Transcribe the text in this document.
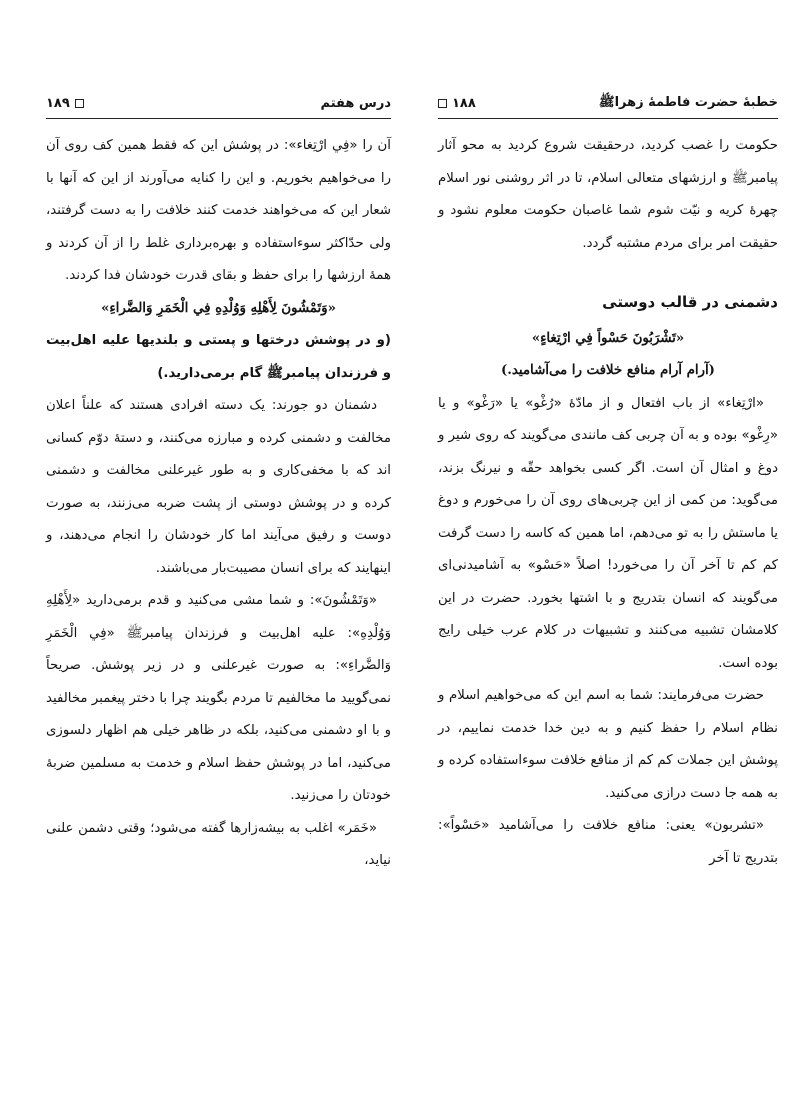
خطبۀ حضرت فاطمۀ زهراﷺ
۱۸۸

حکومت را غصب کردید، درحقیقت شروع کردید به محو آثار پیامبرﷺ و ارزشهای متعالی اسلام، تا در اثر روشنی نور اسلام چهرۀ کریه و نیّت شوم شما غاصبان حکومت معلوم نشود و حقیقت امر برای مردم مشتبه گردد.

دشمنی در قالب دوستی

«تَشْرَبُونَ حَسْواً فِي ارْتِغاءٍ»

(آرام آرام منافع خلافت را می‌آشامید.)

«ارْتِغاء» از باب افتعال و از مادّۀ «رُغْو» یا «رَغْو» و یا «رِغْو» بوده و به آن چربی کف مانندی می‌گویند که روی شیر و دوغ و امثال آن است. اگر کسی بخواهد حقّه و نیرنگ بزند، می‌گوید: من کمی از این چربی‌های روی آن را می‌خورم و دوغ یا ماستش را به تو می‌دهم، اما همین که کاسه را دست گرفت کم کم تا آخر آن را می‌خورد! اصلاً «حَسْو» به آشامیدنی‌ای می‌گویند که انسان بتدریج و با اشتها بخورد. حضرت در این کلامشان تشبیه می‌کنند و تشبیهات در کلام عرب خیلی رایج بوده است.

حضرت می‌فرمایند: شما به اسم این که می‌خواهیم اسلام و نظام اسلام را حفظ کنیم و به دین خدا خدمت نماییم، در پوشش این جملات کم کم از منافع خلافت سوءاستفاده کرده و به همه جا دست درازی می‌کنید.

«تشربون» یعنی: منافع خلافت را می‌آشامید «حَسْواً»: بتدریج تا آخر

درس هفتم
۱۸۹

آن را «فِي ارْتِغاء»: در پوشش این که فقط همین کف روی آن را می‌خواهیم بخوریم. و این را کنایه می‌آورند از این که آنها با شعار این که می‌خواهند خدمت کنند خلافت را به دست گرفتند، ولی حدّاکثر سوءاستفاده و بهره‌برداری غلط را از آن کردند و همۀ ارزشها را برای حفظ و بقای قدرت خودشان فدا کردند.

«وَتَمْشُونَ لِأَهْلِهِ وَوُلْدِهِ فِي الْخَمَرِ وَالضَّراءِ»

(و در پوشش درختها و پستی و بلندیها علیه اهل‌بیت و فرزندان پیامبرﷺ گام برمی‌دارید.)

دشمنان دو جورند: یک دسته افرادی هستند که علناً اعلان مخالفت و دشمنی کرده و مبارزه می‌کنند، و دستۀ دوّم کسانی اند که با مخفی‌کاری و به طور غیرعلنی مخالفت و دشمنی کرده و در پوشش دوستی از پشت ضربه می‌زنند، به صورت دوست و رفیق می‌آیند اما کار خودشان را انجام می‌دهند، و اینهایند که برای انسان مصیبت‌بار می‌باشند.

«وَتَمْشُونَ»: و شما مشی می‌کنید و قدم برمی‌دارید «لِأَهْلِهِ وَوُلْدِهِ»: علیه اهل‌بیت و فرزندان پیامبرﷺ «فِي الْخَمَرِ وَالضَّراءِ»: به صورت غیرعلنی و در زیر پوشش. صریحاً نمی‌گویید ما مخالفیم تا مردم بگویند چرا با دختر پیغمبر مخالفید و با او دشمنی می‌کنید، بلکه در ظاهر خیلی هم اظهار دلسوزی می‌کنید، اما در پوشش حفظ اسلام و خدمت به مسلمین ضربۀ خودتان را می‌زنید.

«خَمَر» اغلب به بیشه‌زارها گفته می‌شود؛ وقتی دشمن علنی نیاید،
